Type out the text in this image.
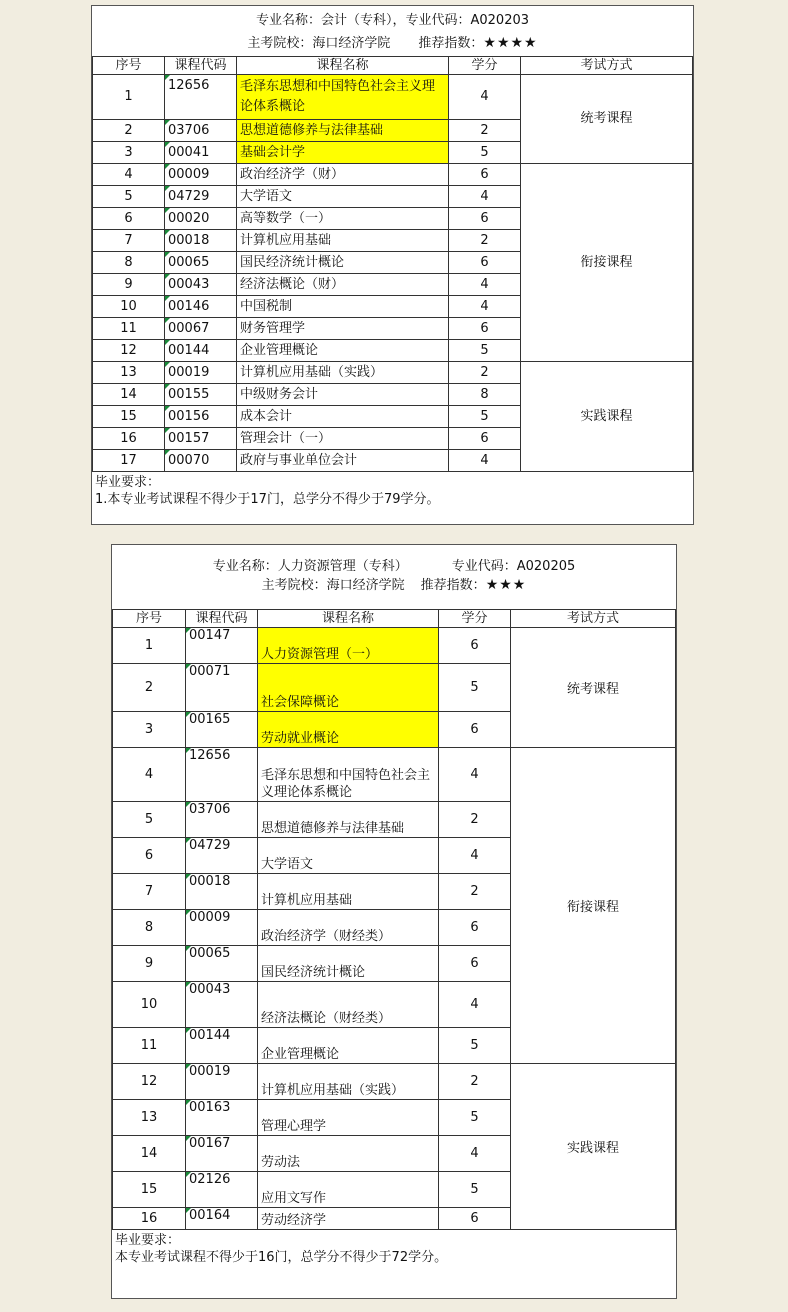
专业名称：会计（专科），专业代码：A020203
主考院校：海口经济学院 推荐指数：★★★★
序号	课程代码	课程名称	学分	考试方式
1	12656	毛泽东思想和中国特色社会主义理论体系概论	4	统考课程
2	03706	思想道德修养与法律基础	2	
3	00041	基础会计学	5	
4	00009	政治经济学（财）	6	衔接课程
5	04729	大学语文	4	
6	00020	高等数学（一）	6	
7	00018	计算机应用基础	2	
8	00065	国民经济统计概论	6	
9	00043	经济法概论（财）	4	
10	00146	中国税制	4	
11	00067	财务管理学	6	
12	00144	企业管理概论	5	
13	00019	计算机应用基础（实践）	2	实践课程
14	00155	中级财务会计	8	
15	00156	成本会计	5	
16	00157	管理会计（一）	6	
17	00070	政府与事业单位会计	4	
毕业要求：
1.本专业考试课程不得少于17门，总学分不得少于79学分。
专业名称：人力资源管理（专科）	专业代码：A020205
主考院校：海口经济学院 推荐指数：★★★
序号	课程代码	课程名称	学分	考试方式
1	00147	人力资源管理（一）	6	统考课程
2	00071	社会保障概论	5	
3	00165	劳动就业概论	6	
4	12656	毛泽东思想和中国特色社会主义理论体系概论	4	衔接课程
5	03706	思想道德修养与法律基础	2	
6	04729	大学语文	4	
7	00018	计算机应用基础	2	
8	00009	政治经济学（财经类）	6	
9	00065	国民经济统计概论	6	
10	00043	经济法概论（财经类）	4	
11	00144	企业管理概论	5	
12	00019	计算机应用基础（实践）	2	实践课程
13	00163	管理心理学	5	
14	00167	劳动法	4	
15	02126	应用文写作	5	
16	00164	劳动经济学	6	
毕业要求：
本专业考试课程不得少于16门，总学分不得少于72学分。
